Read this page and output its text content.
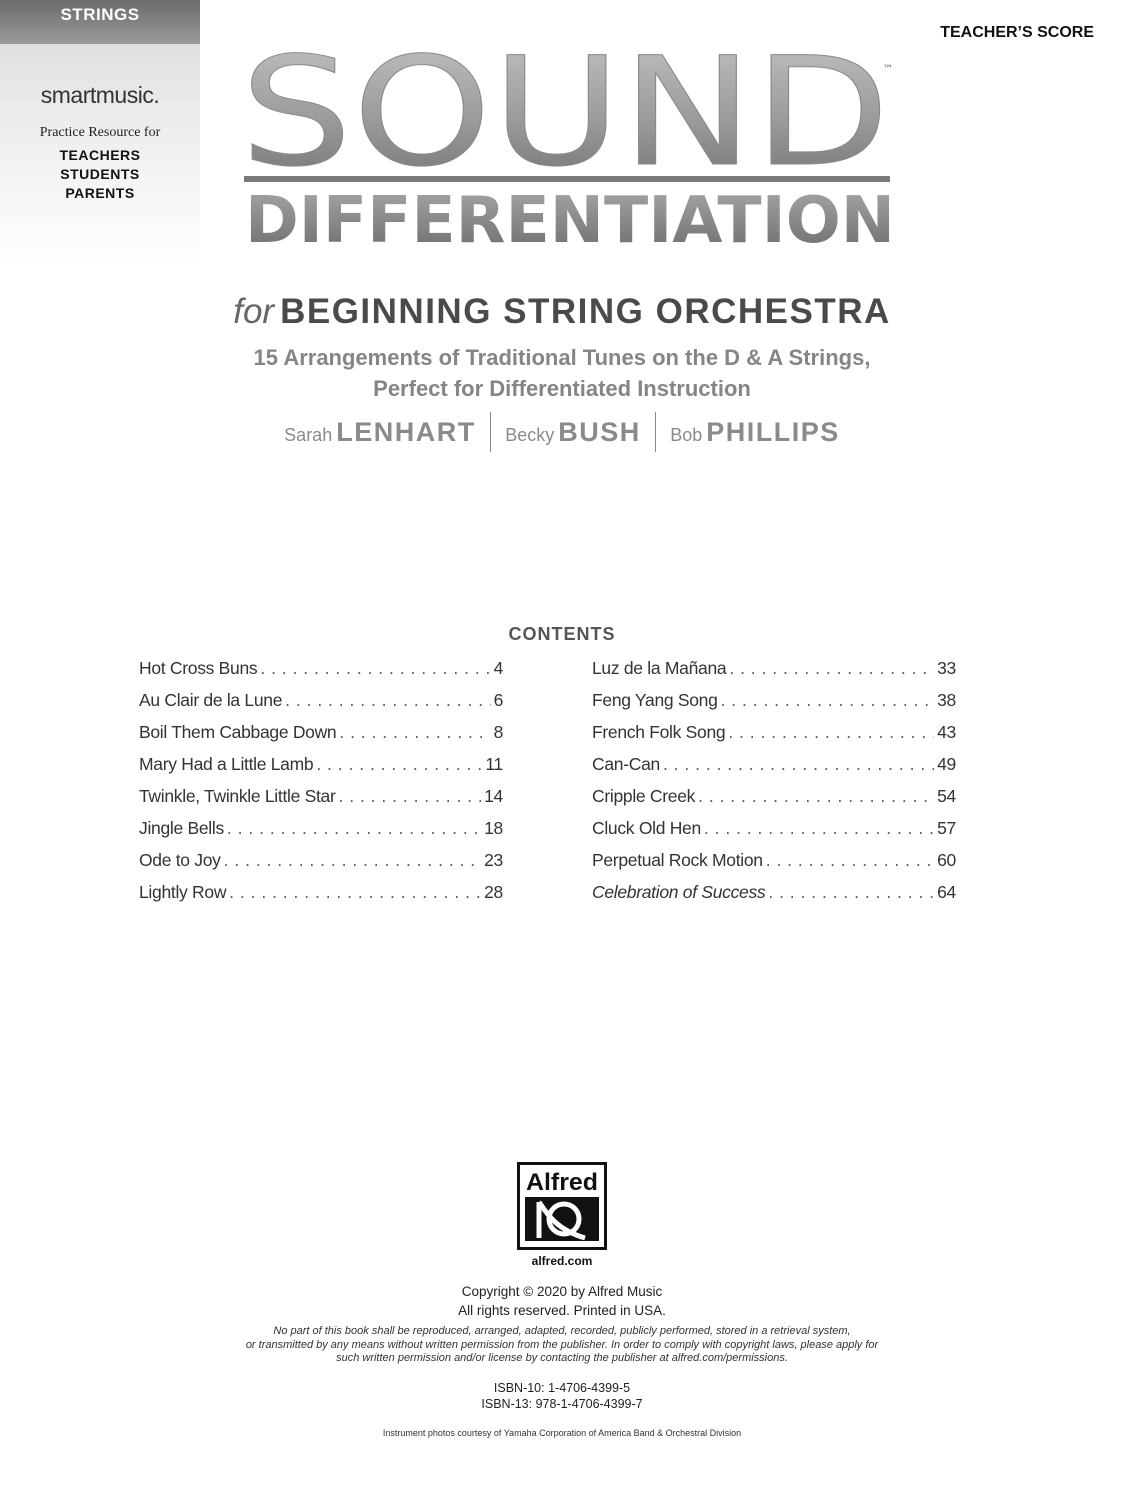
STRINGS
smartmusic.
Practice Resource for
TEACHERS
STUDENTS
PARENTS
TEACHER’S SCORE
SOUND
™
DIFFERENTIATION
for BEGINNING STRING ORCHESTRA
15 Arrangements of Traditional Tunes on the D & A Strings,
Perfect for Differentiated Instruction
Sarah LENHART Becky BUSH Bob PHILLIPS
CONTENTS
Hot Cross Buns . . .	4
Au Clair de la Lune . . .	6
Boil Them Cabbage Down . . .	8
Mary Had a Little Lamb . . .	11
Twinkle, Twinkle Little Star . . .	14
Jingle Bells . . .	18
Ode to Joy . . .	23
Lightly Row . . .	28
Luz de la Mañana . . .	33
Feng Yang Song . . .	38
French Folk Song . . .	43
Can-Can . . .	49
Cripple Creek . . .	54
Cluck Old Hen . . .	57
Perpetual Rock Motion . . .	60
Celebration of Success . . .	64
Alfred
alfred.com
Copyright © 2020 by Alfred Music
All rights reserved. Printed in USA.
No part of this book shall be reproduced, arranged, adapted, recorded, publicly performed, stored in a retrieval system,
or transmitted by any means without written permission from the publisher. In order to comply with copyright laws, please apply for
such written permission and/or license by contacting the publisher at alfred.com/permissions.
ISBN-10: 1-4706-4399-5
ISBN-13: 978-1-4706-4399-7
Instrument photos courtesy of Yamaha Corporation of America Band & Orchestral Division
